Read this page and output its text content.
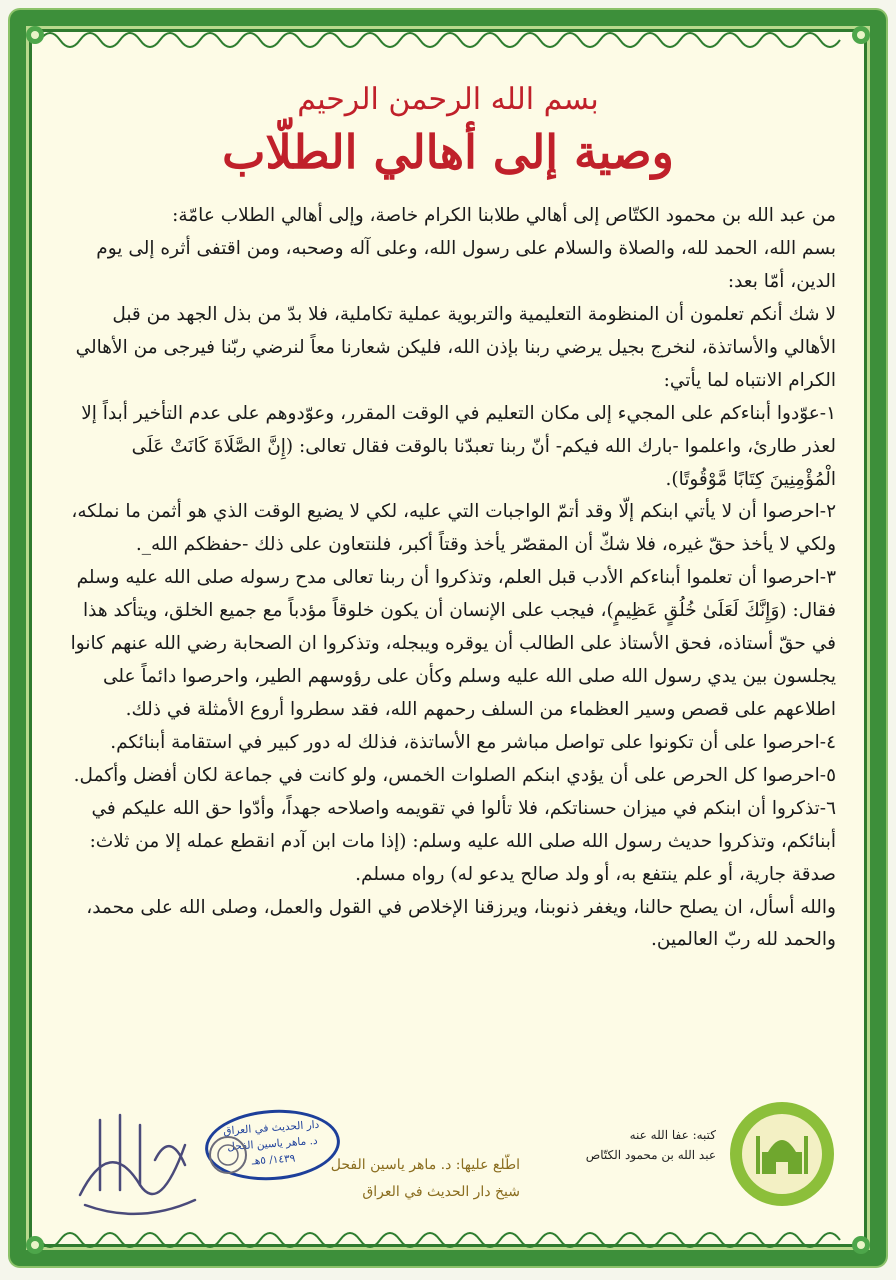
بسم الله الرحمن الرحيم
وصية إلى أهالي الطلّاب

من عبد الله بن محمود الكتّاص إلى أهالي طلابنا الكرام خاصة، وإلى أهالي الطلاب عامّة:

بسم الله، الحمد لله، والصلاة والسلام على رسول الله، وعلى آله وصحبه، ومن اقتفى أثره إلى يوم الدين، أمّا بعد:

لا شك أنكم تعلمون أن المنظومة التعليمية والتربوية عملية تكاملية، فلا بدّ من بذل الجهد من قبل الأهالي والأساتذة، لنخرج بجيل يرضي ربنا بإذن الله، فليكن شعارنا معاً لنرضي ربّنا فيرجى من الأهالي الكرام الانتباه لما يأتي:

١-عوّدوا أبناءكم على المجيء إلى مكان التعليم في الوقت المقرر، وعوّدوهم على عدم التأخير أبداً إلا لعذر طارئ، واعلموا -بارك الله فيكم- أنّ ربنا تعبدّنا بالوقت فقال تعالى: (إِنَّ الصَّلَاةَ كَانَتْ عَلَى الْمُؤْمِنِينَ كِتَابًا مَّوْقُوتًا).

٢-احرصوا أن لا يأتي ابنكم إلّا وقد أتمّ الواجبات التي عليه، لكي لا يضيع الوقت الذي هو أثمن ما نملكه، ولكي لا يأخذ حقّ غيره، فلا شكّ أن المقصّر يأخذ وقتاً أكبر، فلنتعاون على ذلك -حفظكم الله_.

٣-احرصوا أن تعلموا أبناءكم الأدب قبل العلم، وتذكروا أن ربنا تعالى مدح رسوله صلى الله عليه وسلم فقال: (وَإِنَّكَ لَعَلَىٰ خُلُقٍ عَظِيمٍ)، فيجب على الإنسان أن يكون خلوقاً مؤدباً مع جميع الخلق، ويتأكد هذا في حقّ أستاذه، فحق الأستاذ على الطالب أن يوقره ويبجله، وتذكروا ان الصحابة رضي الله عنهم كانوا يجلسون بين يدي رسول الله صلى الله عليه وسلم وكأن على رؤوسهم الطير، واحرصوا دائماً على اطلاعهم على قصص وسير العظماء من السلف رحمهم الله، فقد سطروا أروع الأمثلة في ذلك.

٤-احرصوا على أن تكونوا على تواصل مباشر مع الأساتذة، فذلك له دور كبير في استقامة أبنائكم.

٥-احرصوا كل الحرص على أن يؤدي ابنكم الصلوات الخمس، ولو كانت في جماعة لكان أفضل وأكمل.

٦-تذكروا أن ابنكم في ميزان حسناتكم، فلا تألوا في تقويمه واصلاحه جهداً، وأدّوا حق الله عليكم في أبنائكم، وتذكروا حديث رسول الله صلى الله عليه وسلم: (إذا مات ابن آدم انقطع عمله إلا من ثلاث: صدقة جارية، أو علم ينتفع به، أو ولد صالح يدعو له) رواه مسلم.

والله أسأل، ان يصلح حالنا، ويغفر ذنوبنا، ويرزقنا الإخلاص في القول والعمل، وصلى الله على محمد، والحمد لله ربّ العالمين.

كتبه: عفا الله عنه
عبد الله بن محمود الكتّاص
اطّلع عليها: د. ماهر ياسين الفحل
شيخ دار الحديث في العراق
دار الحديث في العراق
د. ماهر ياسين الفحل
١٤٣٩/ ٥هـ
